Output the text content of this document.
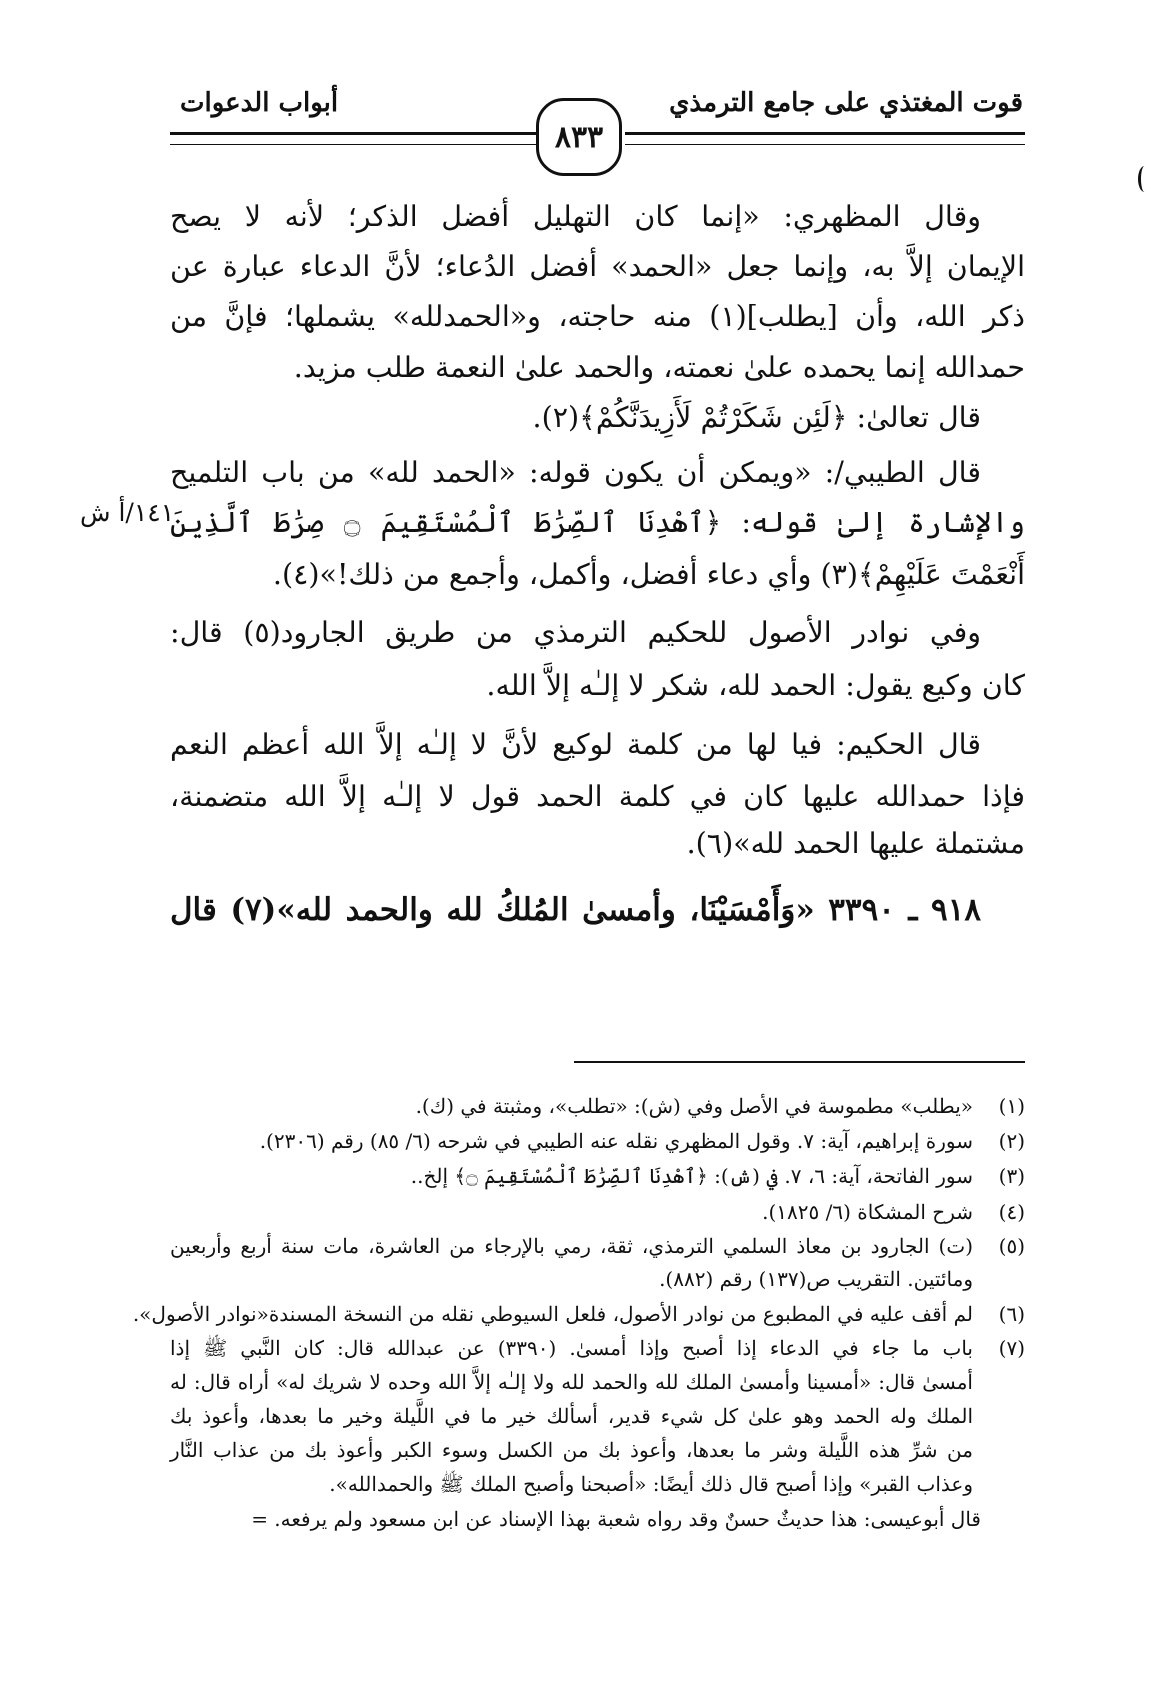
قوت المغتذي على جامع الترمذي
أبواب الدعوات
٨٣٣
١٤١/أ ش
وقال المظهري: «إنما كان التهليل أفضل الذكر؛ لأنه لا يصح
الإيمان إلاَّ به، وإنما جعل «الحمد» أفضل الدُعاء؛ لأنَّ الدعاء عبارة عن
ذكر الله، وأن [يطلب](١) منه حاجته، و«الحمدلله» يشملها؛ فإنَّ من
حمدالله إنما يحمده علىٰ نعمته، والحمد علىٰ النعمة طلب مزيد.
قال تعالىٰ: ﴿لَئِن شَكَرْتُمْ لَأَزِيدَنَّكُمْ﴾(٢).
قال الطيبي/: «ويمكن أن يكون قوله: «الحمد لله» من باب التلميح
والإشارة إلىٰ قوله: ﴿ٱهْدِنَا ٱلصِّرَٰطَ ٱلْمُسْتَقِيمَ ۝ صِرَٰطَ ٱلَّذِينَ
أَنْعَمْتَ عَلَيْهِمْ﴾(٣) وأي دعاء أفضل، وأكمل، وأجمع من ذلك!»(٤).
وفي نوادر الأصول للحكيم الترمذي من طريق الجارود(٥) قال:
كان وكيع يقول: الحمد لله، شكر لا إلـٰه إلاَّ الله.
قال الحكيم: فيا لها من كلمة لوكيع لأنَّ لا إلـٰه إلاَّ الله أعظم النعم
فإذا حمدالله عليها كان في كلمة الحمد قول لا إلـٰه إلاَّ الله متضمنة،
مشتملة عليها الحمد لله»(٦).
٩١٨ ـ ٣٣٩٠ «وَأَمْسَيْنَا، وأمسىٰ المُلكُ لله والحمد لله»(٧) قال
(١)
«يطلب» مطموسة في الأصل وفي (ش): «تطلب»، ومثبتة في (ك).
(٢)
سورة إبراهيم، آية: ٧. وقول المظهري نقله عنه الطيبي في شرحه (٦/ ٨٥) رقم (٢٣٠٦).
(٣)
سور الفاتحة، آية: ٦، ٧. في (ش): ﴿ٱهْدِنَا ٱلصِّرَٰطَ ٱلْمُسْتَقِيمَ ۝﴾ إلخ..
(٤)
شرح المشكاة (٦/ ١٨٢٥).
(٥)
(ت) الجارود بن معاذ السلمي الترمذي، ثقة، رمي بالإرجاء من العاشرة، مات سنة أربع وأربعين
ومائتين. التقريب ص(١٣٧) رقم (٨٨٢).
(٦)
لم أقف عليه في المطبوع من نوادر الأصول، فلعل السيوطي نقله من النسخة المسندة«نوادر الأصول».
(٧)
باب ما جاء في الدعاء إذا أصبح وإذا أمسىٰ. (٣٣٩٠) عن عبدالله قال: كان النَّبي ﷺ إذا
أمسىٰ قال: «أمسينا وأمسىٰ الملك لله والحمد لله ولا إلـٰه إلاَّ الله وحده لا شريك له» أراه قال: له
الملك وله الحمد وهو علىٰ كل شيء قدير، أسألك خير ما في اللَّيلة وخير ما بعدها، وأعوذ بك
من شرِّ هذه اللَّيلة وشر ما بعدها، وأعوذ بك من الكسل وسوء الكبر وأعوذ بك من عذاب النَّار
وعذاب القبر» وإذا أصبح قال ذلك أيضًا: «أصبحنا وأصبح الملك ﷺ والحمدالله».
قال أبوعيسى: هذا حديثٌ حسنٌ وقد رواه شعبة بهذا الإسناد عن ابن مسعود ولم يرفعه. =
